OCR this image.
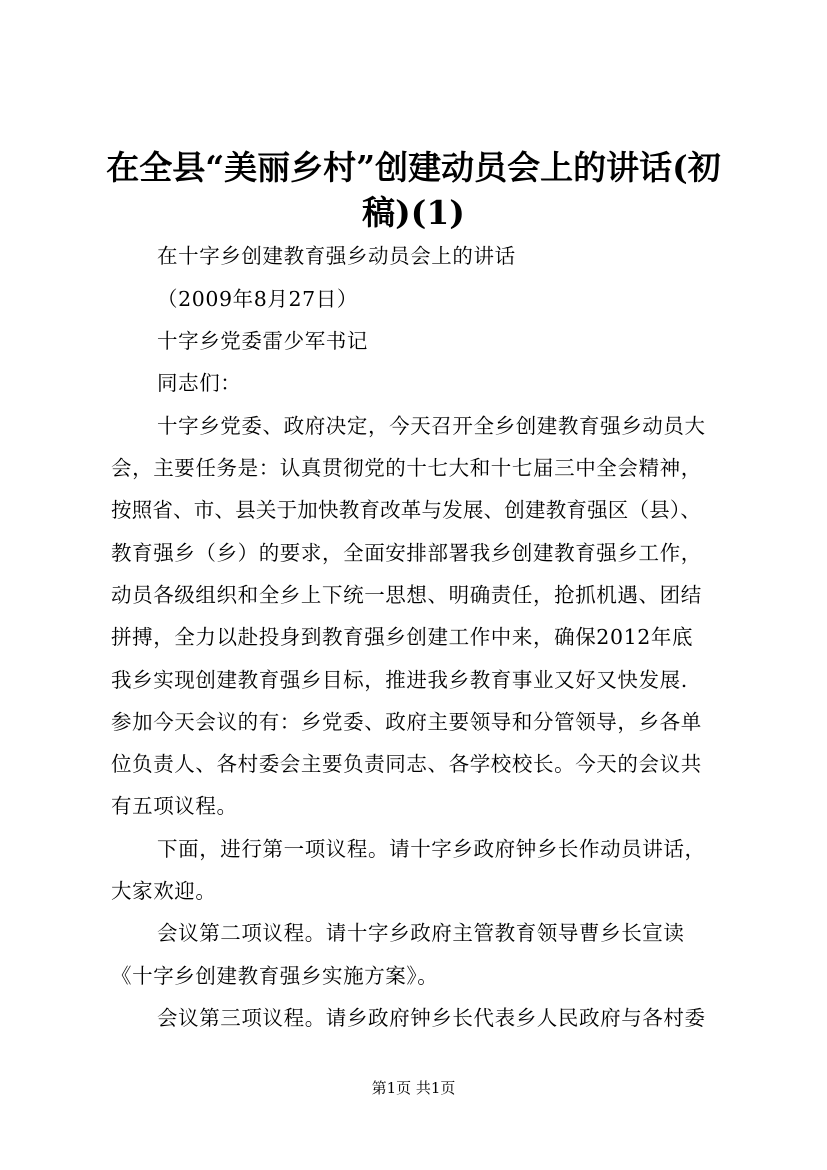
在全县“美丽乡村”创建动员会上的讲话(初稿)(1)
在十字乡创建教育强乡动员会上的讲话
（2009年8月27日）
十字乡党委雷少军书记
同志们：
十字乡党委、政府决定，今天召开全乡创建教育强乡动员大
会，主要任务是：认真贯彻党的十七大和十七届三中全会精神，
按照省、市、县关于加快教育改革与发展、创建教育强区（县）、
教育强乡（乡）的要求，全面安排部署我乡创建教育强乡工作，
动员各级组织和全乡上下统一思想、明确责任，抢抓机遇、团结
拼搏，全力以赴投身到教育强乡创建工作中来，确保2012年底
我乡实现创建教育强乡目标，推进我乡教育事业又好又快发展.
参加今天会议的有：乡党委、政府主要领导和分管领导，乡各单
位负责人、各村委会主要负责同志、各学校校长。今天的会议共
有五项议程。
下面，进行第一项议程。请十字乡政府钟乡长作动员讲话，
大家欢迎。
会议第二项议程。请十字乡政府主管教育领导曹乡长宣读
《十字乡创建教育强乡实施方案》。
会议第三项议程。请乡政府钟乡长代表乡人民政府与各村委
第1页 共1页
